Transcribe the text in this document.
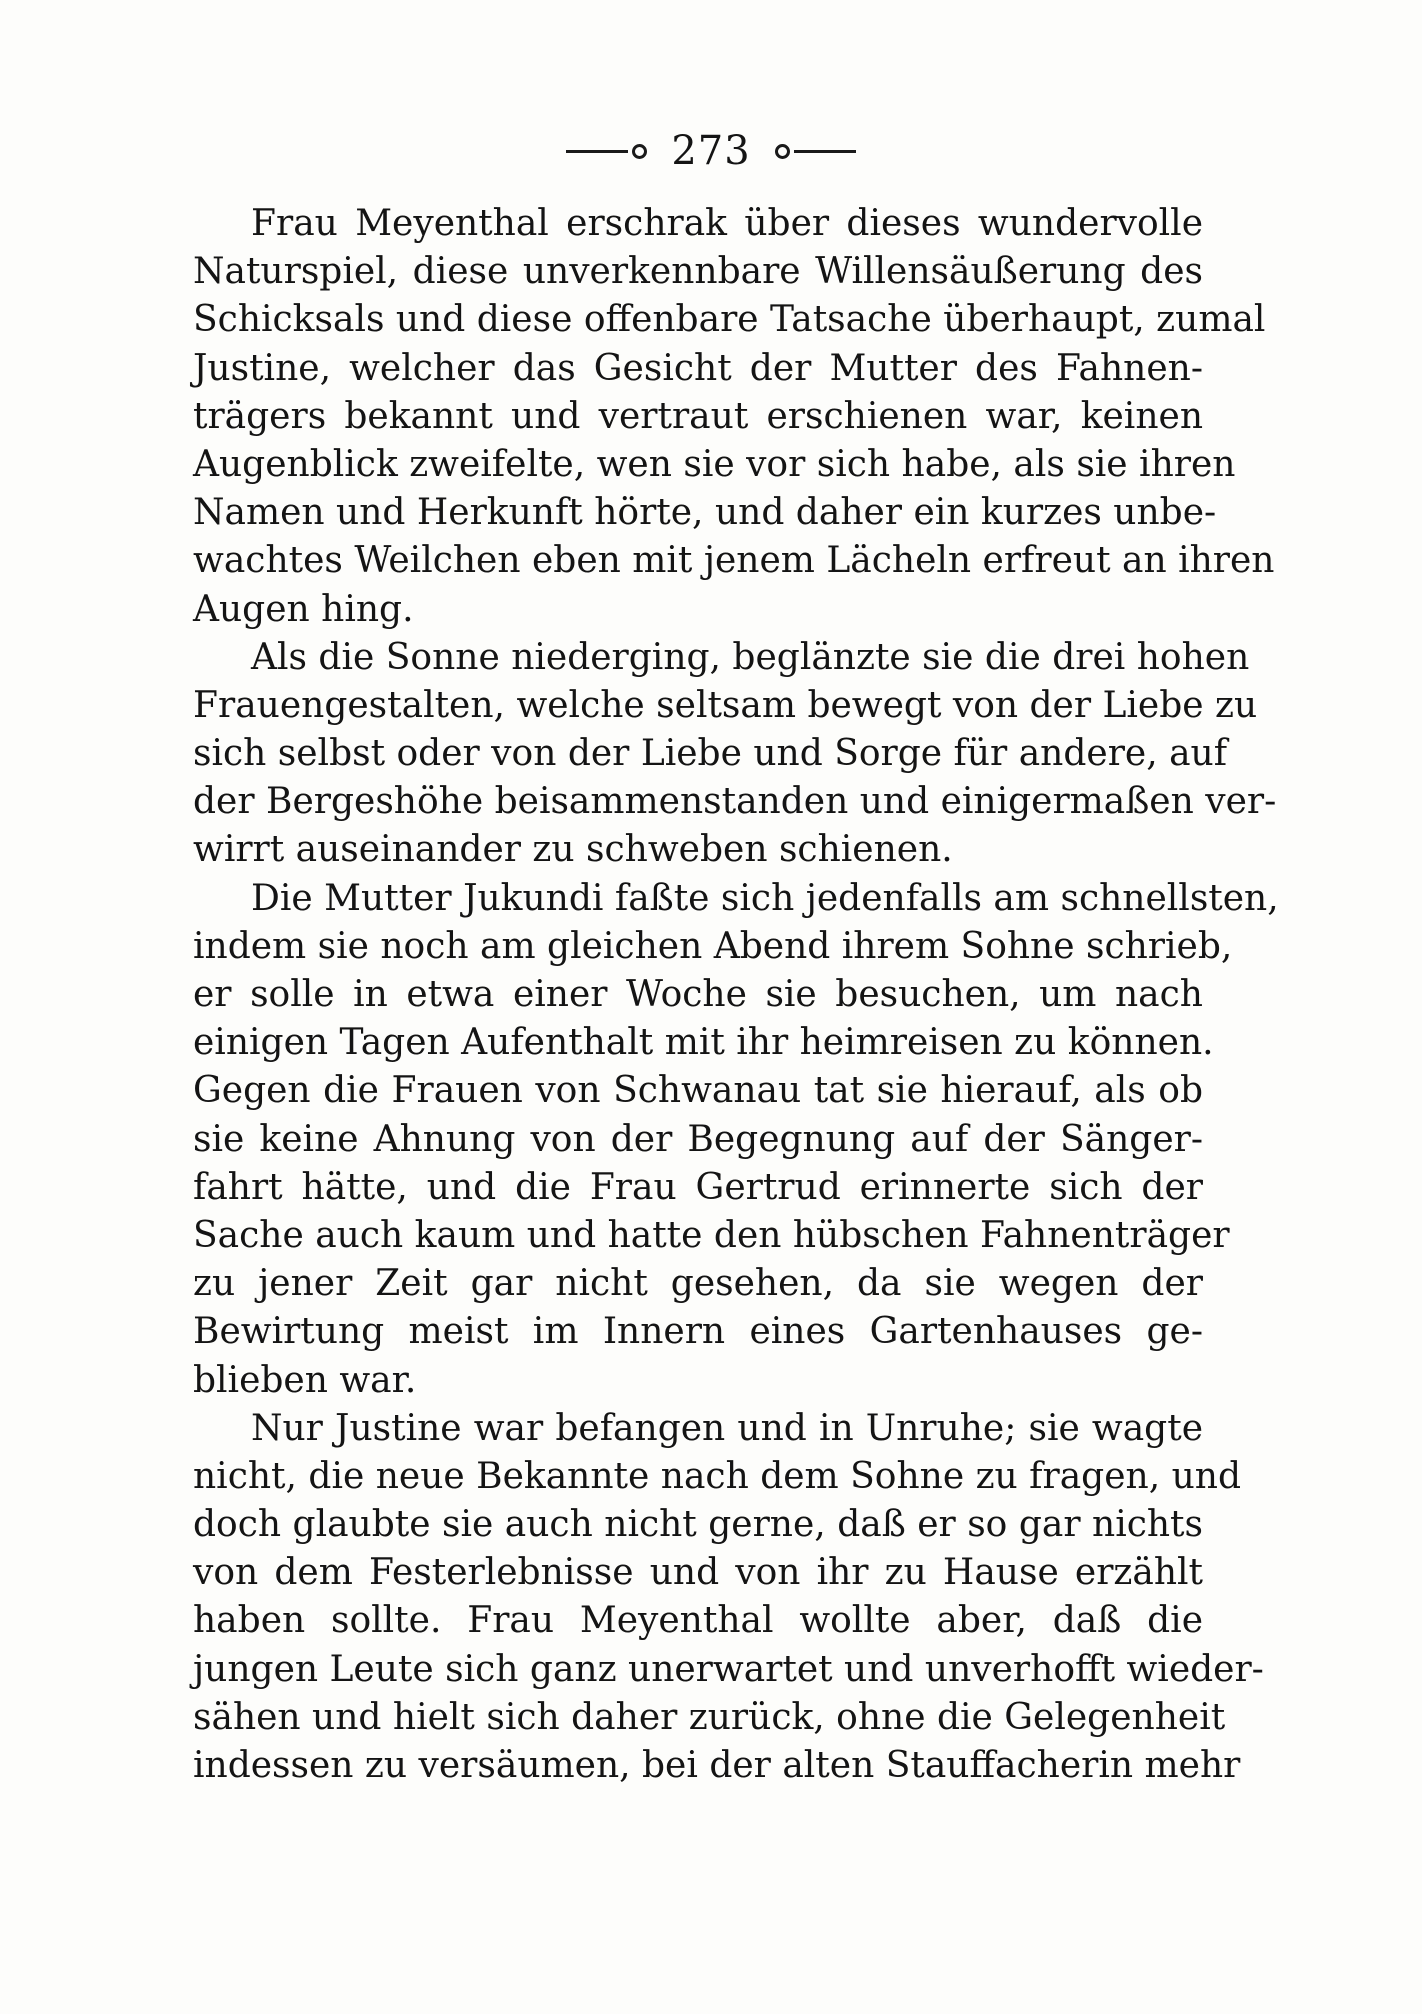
273
Frau Meyenthal erschrak über dieses wundervolle
Naturspiel, diese unverkennbare Willensäußerung des
Schicksals und diese offenbare Tatsache überhaupt, zumal
Justine, welcher das Gesicht der Mutter des Fahnen-
trägers bekannt und vertraut erschienen war, keinen
Augenblick zweifelte, wen sie vor sich habe, als sie ihren
Namen und Herkunft hörte, und daher ein kurzes unbe-
wachtes Weilchen eben mit jenem Lächeln erfreut an ihren
Augen hing.
Als die Sonne niederging, beglänzte sie die drei hohen
Frauengestalten, welche seltsam bewegt von der Liebe zu
sich selbst oder von der Liebe und Sorge für andere, auf
der Bergeshöhe beisammenstanden und einigermaßen ver-
wirrt auseinander zu schweben schienen.
Die Mutter Jukundi faßte sich jedenfalls am schnellsten,
indem sie noch am gleichen Abend ihrem Sohne schrieb,
er solle in etwa einer Woche sie besuchen, um nach
einigen Tagen Aufenthalt mit ihr heimreisen zu können.
Gegen die Frauen von Schwanau tat sie hierauf, als ob
sie keine Ahnung von der Begegnung auf der Sänger-
fahrt hätte, und die Frau Gertrud erinnerte sich der
Sache auch kaum und hatte den hübschen Fahnenträger
zu jener Zeit gar nicht gesehen, da sie wegen der
Bewirtung meist im Innern eines Gartenhauses ge-
blieben war.
Nur Justine war befangen und in Unruhe; sie wagte
nicht, die neue Bekannte nach dem Sohne zu fragen, und
doch glaubte sie auch nicht gerne, daß er so gar nichts
von dem Festerlebnisse und von ihr zu Hause erzählt
haben sollte. Frau Meyenthal wollte aber, daß die
jungen Leute sich ganz unerwartet und unverhofft wieder-
sähen und hielt sich daher zurück, ohne die Gelegenheit
indessen zu versäumen, bei der alten Stauffacherin mehr
